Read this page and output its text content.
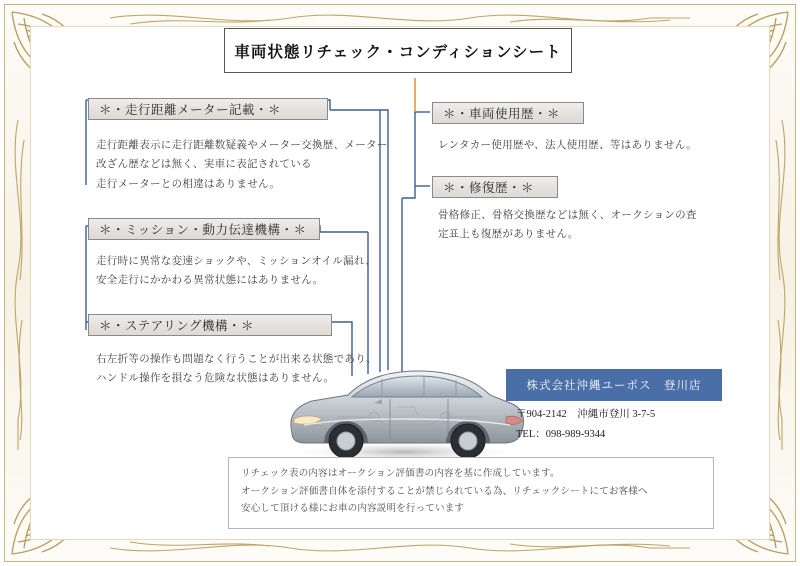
車両状態リチェック・コンディションシート
＊・走行距離メーター記載・＊
走行距離表示に走行距離数疑義やメーター交換歴、メーター
改ざん歴などは無く、実車に表記されている
走行メーターとの相違はありません。
＊・ミッション・動力伝達機構・＊
走行時に異常な変速ショックや、ミッションオイル漏れ、
安全走行にかかわる異常状態にはありません。
＊・ステアリング機構・＊
右左折等の操作も問題なく行うことが出来る状態であり、
ハンドル操作を損なう危険な状態はありません。
＊・車両使用歴・＊
レンタカー使用歴や、法人使用歴、等はありません。
＊・修復歴・＊
骨格修正、骨格交換歴などは無く、オークションの査
定표上も復歴がありません。
株式会社沖縄ユーポス　登川店
〒904-2142　沖縄市登川 3-7-5
TEL：098-989-9344
リチェック表の内容はオークション評価書の内容を基に作成しています。
オークション評価書自体を添付することが禁じられている為、リチェックシートにてお客様へ
安心して頂ける様にお車の内容説明を行っています
